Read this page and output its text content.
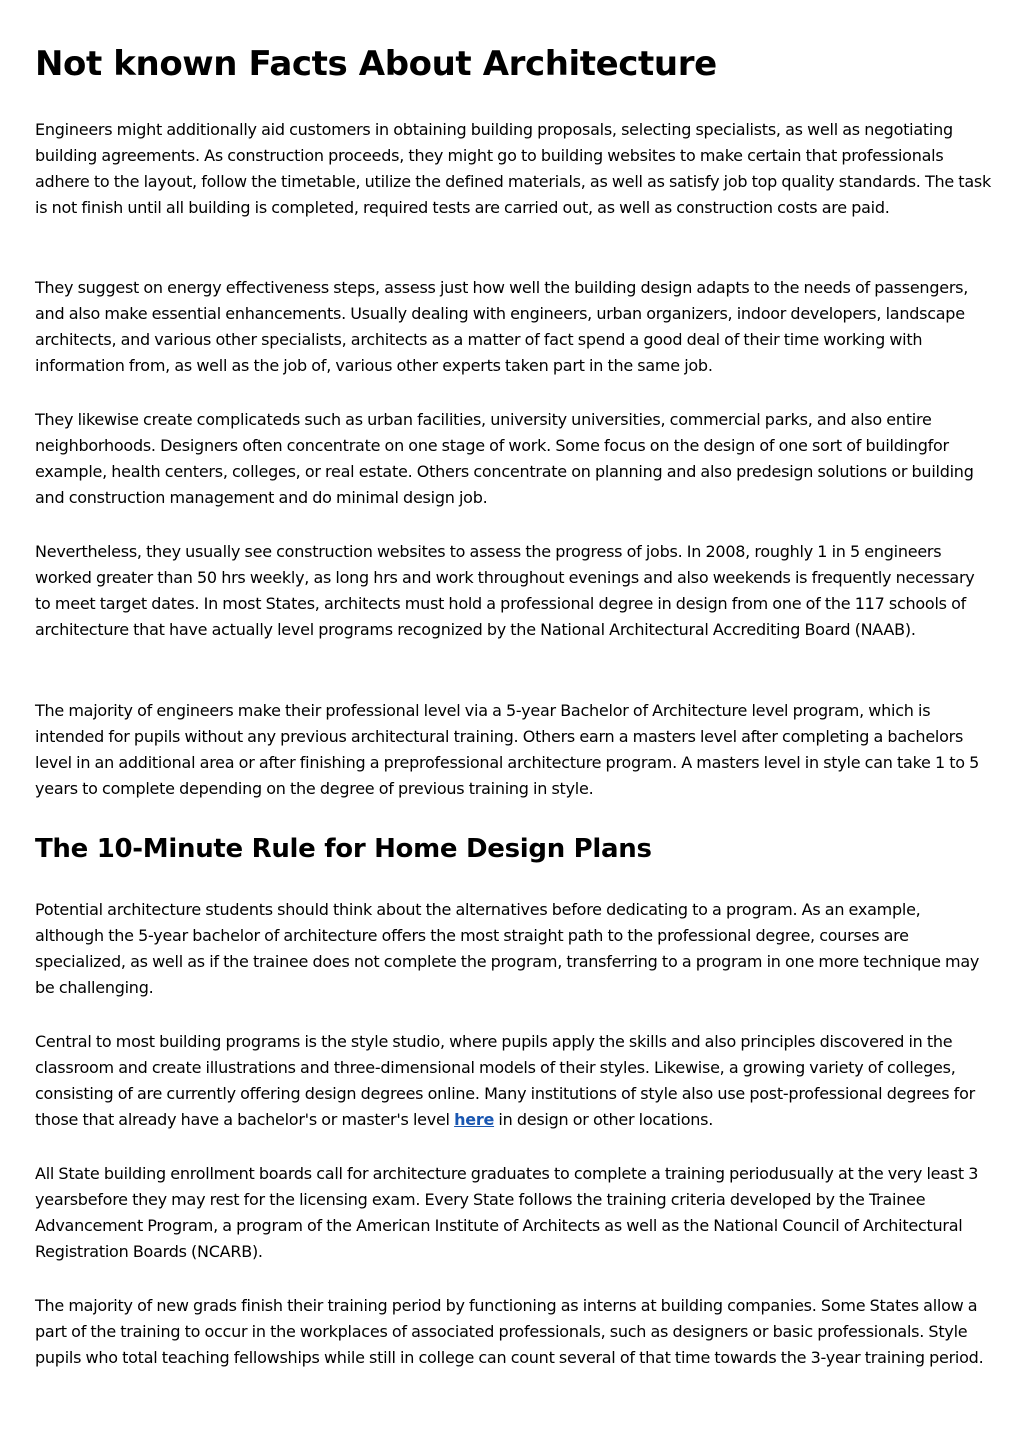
Not known Facts About Architecture

Engineers might additionally aid customers in obtaining building proposals, selecting specialists, as well as negotiating building agreements. As construction proceeds, they might go to building websites to make certain that professionals adhere to the layout, follow the timetable, utilize the defined materials, as well as satisfy job top quality standards. The task is not finish until all building is completed, required tests are carried out, as well as construction costs are paid.

They suggest on energy effectiveness steps, assess just how well the building design adapts to the needs of passengers, and also make essential enhancements. Usually dealing with engineers, urban organizers, indoor developers, landscape architects, and various other specialists, architects as a matter of fact spend a good deal of their time working with information from, as well as the job of, various other experts taken part in the same job.

They likewise create complicateds such as urban facilities, university universities, commercial parks, and also entire neighborhoods. Designers often concentrate on one stage of work. Some focus on the design of one sort of buildingfor example, health centers, colleges, or real estate. Others concentrate on planning and also predesign solutions or building and construction management and do minimal design job.

Nevertheless, they usually see construction websites to assess the progress of jobs. In 2008, roughly 1 in 5 engineers worked greater than 50 hrs weekly, as long hrs and work throughout evenings and also weekends is frequently necessary to meet target dates. In most States, architects must hold a professional degree in design from one of the 117 schools of architecture that have actually level programs recognized by the National Architectural Accrediting Board (NAAB).

The majority of engineers make their professional level via a 5-year Bachelor of Architecture level program, which is intended for pupils without any previous architectural training. Others earn a masters level after completing a bachelors level in an additional area or after finishing a preprofessional architecture program. A masters level in style can take 1 to 5 years to complete depending on the degree of previous training in style.

The 10-Minute Rule for Home Design Plans

Potential architecture students should think about the alternatives before dedicating to a program. As an example, although the 5-year bachelor of architecture offers the most straight path to the professional degree, courses are specialized, as well as if the trainee does not complete the program, transferring to a program in one more technique may be challenging.

Central to most building programs is the style studio, where pupils apply the skills and also principles discovered in the classroom and create illustrations and three-dimensional models of their styles. Likewise, a growing variety of colleges, consisting of are currently offering design degrees online. Many institutions of style also use post-professional degrees for those that already have a bachelor's or master's level here in design or other locations.

All State building enrollment boards call for architecture graduates to complete a training periodusually at the very least 3 yearsbefore they may rest for the licensing exam. Every State follows the training criteria developed by the Trainee Advancement Program, a program of the American Institute of Architects as well as the National Council of Architectural Registration Boards (NCARB).

The majority of new grads finish their training period by functioning as interns at building companies. Some States allow a part of the training to occur in the workplaces of associated professionals, such as designers or basic professionals. Style pupils who total teaching fellowships while still in college can count several of that time towards the 3-year training period.
